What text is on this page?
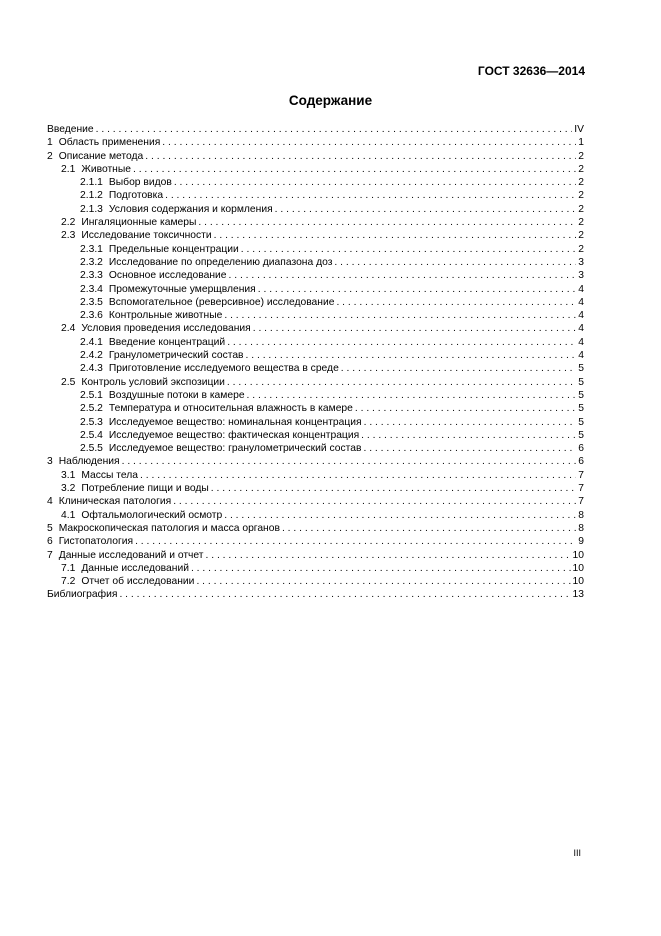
ГОСТ 32636—2014
Содержание
Введение . . .	IV
1 Область применения . . .	1
2 Описание метода . . .	2
2.1 Животные . . .	2
2.1.1 Выбор видов . . .	2
2.1.2 Подготовка . . .	2
2.1.3 Условия содержания и кормления . . .	2
2.2 Ингаляционные камеры . . .	2
2.3 Исследование токсичности . . .	2
2.3.1 Предельные концентрации . . .	2
2.3.2 Исследование по определению диапазона доз . . .	3
2.3.3 Основное исследование . . .	3
2.3.4 Промежуточные умерщвления . . .	4
2.3.5 Вспомогательное (реверсивное) исследование . . .	4
2.3.6 Контрольные животные . . .	4
2.4 Условия проведения исследования . . .	4
2.4.1 Введение концентраций . . .	4
2.4.2 Гранулометрический состав . . .	4
2.4.3 Приготовление исследуемого вещества в среде . . .	5
2.5 Контроль условий экспозиции . . .	5
2.5.1 Воздушные потоки в камере . . .	5
2.5.2 Температура и относительная влажность в камере . . .	5
2.5.3 Исследуемое вещество: номинальная концентрация . . .	5
2.5.4 Исследуемое вещество: фактическая концентрация . . .	5
2.5.5 Исследуемое вещество: гранулометрический состав . . .	6
3 Наблюдения . . .	6
3.1 Массы тела . . .	7
3.2 Потребление пищи и воды . . .	7
4 Клиническая патология . . .	7
4.1 Офтальмологический осмотр . . .	8
5 Макроскопическая патология и масса органов . . .	8
6 Гистопатология . . .	9
7 Данные исследований и отчет . . .	10
7.1 Данные исследований . . .	10
7.2 Отчет об исследовании . . .	10
Библиография . . .	13
III
